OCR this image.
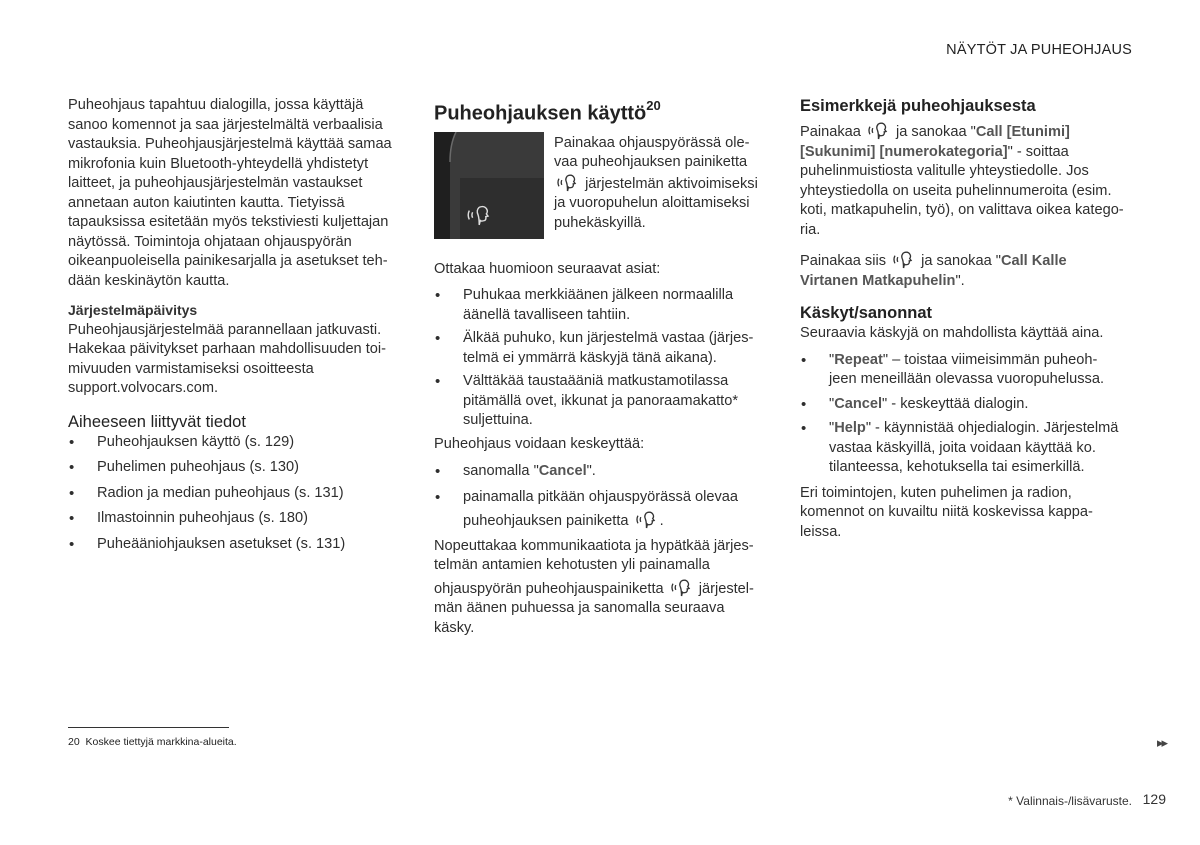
NÄYTÖT JA PUHEOHJAUS

Puheohjaus tapahtuu dialogilla, jossa käyttäjä

sanoo komennot ja saa järjestelmältä verbaalisia

vastauksia. Puheohjausjärjestelmä käyttää samaa

mikrofonia kuin Bluetooth-yhteydellä yhdistetyt

laitteet, ja puheohjausjärjestelmän vastaukset

annetaan auton kaiutinten kautta. Tietyissä

tapauksissa esitetään myös tekstiviesti kuljettajan

näytössä. Toimintoja ohjataan ohjauspyörän

oikeanpuoleisella painikesarjalla ja asetukset teh-

dään keskinäytön kautta.

Järjestelmäpäivitys

Puheohjausjärjestelmää parannellaan jatkuvasti.

Hakekaa päivitykset parhaan mahdollisuuden toi-

mivuuden varmistamiseksi osoitteesta

support.volvocars.com.

Aiheeseen liittyvät tiedot
• Puheohjauksen käyttö (s. 129)
• Puhelimen puheohjaus (s. 130)
• Radion ja median puheohjaus (s. 131)
• Ilmastoinnin puheohjaus (s. 180)
• Puheääniohjauksen asetukset (s. 131)
Puheohjauksen käyttö$^{20}$

Painakaa ohjauspyörässä ole-

vaa puheohjauksen painiketta

järjestelmän aktivoimiseksi

ja vuoropuhelun aloittamiseksi

puhekäskyillä.

Ottakaa huomioon seuraavat asiat:

• Puhukaa merkkiäänen jälkeen normaalilla
äänellä tavalliseen tahtiin.
• Älkää puhuko, kun järjestelmä vastaa (järjes-
telmä ei ymmärrä käskyjä tänä aikana).
• Välttäkää taustaääniä matkustamotilassa
pitämällä ovet, ikkunat ja panoraamakatto*
suljettuina.

Puheohjaus voidaan keskeyttää:

• sanomalla "Cancel".
• painamalla pitkään ohjauspyörässä olevaa
puheohjauksen painiketta .

Nopeuttakaa kommunikaatiota ja hypätkää järjes-

telmän antamien kehotusten yli painamalla

ohjauspyörän puheohjauspainiketta järjestel-

män äänen puhuessa ja sanomalla seuraava

käsky.

Esimerkkejä puheohjauksesta

Painakaa ja sanokaa "Call [Etunimi]

[Sukunimi] [numerokategoria]" - soittaa

puhelinmuistiosta valitulle yhteystiedolle. Jos

yhteystiedolla on useita puhelinnumeroita (esim.

koti, matkapuhelin, työ), on valittava oikea katego-

ria.

Painakaa siis ja sanokaa "Call Kalle

Virtanen Matkapuhelin".

Käskyt/sanonnat

Seuraavia käskyjä on mahdollista käyttää aina.

• "Repeat" – toistaa viimeisimmän puheoh-
jeen meneillään olevassa vuoropuhelussa.
• "Cancel" - keskeyttää dialogin.
• "Help" - käynnistää ohjedialogin. Järjestelmä
vastaa käskyillä, joita voidaan käyttää ko.
tilanteessa, kehotuksella tai esimerkillä.

Eri toimintojen, kuten puhelimen ja radion,

komennot on kuvailtu niitä koskevissa kappa-

leissa.

20 Koskee tiettyjä markkina-alueita.	▸▸
* Valinnais-/lisävaruste. 129
